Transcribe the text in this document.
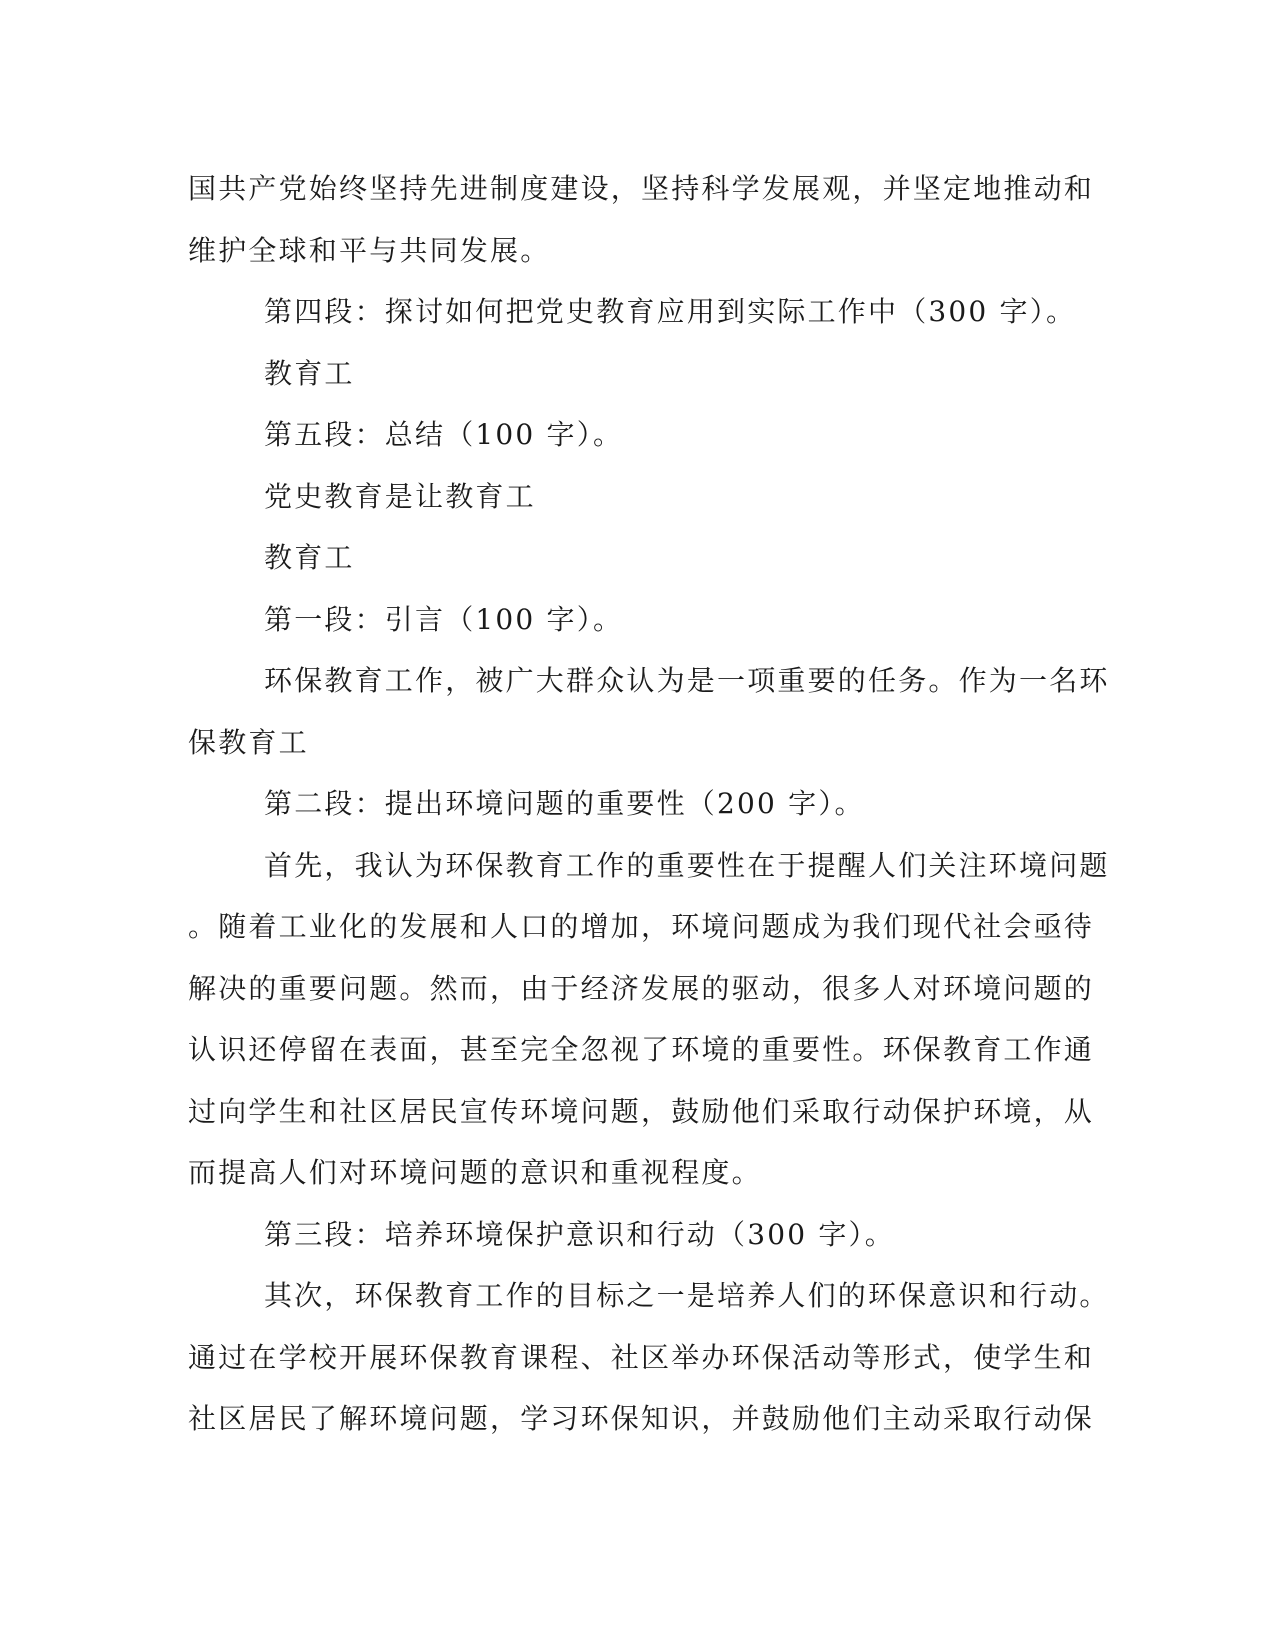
国共产党始终坚持先进制度建设，坚持科学发展观，并坚定地推动和
维护全球和平与共同发展。
第四段：探讨如何把党史教育应用到实际工作中（300 字）。
教育工
第五段：总结（100 字）。
党史教育是让教育工
教育工
第一段：引言（100 字）。
环保教育工作，被广大群众认为是一项重要的任务。作为一名环
保教育工
第二段：提出环境问题的重要性（200 字）。
首先，我认为环保教育工作的重要性在于提醒人们关注环境问题
。随着工业化的发展和人口的增加，环境问题成为我们现代社会亟待
解决的重要问题。然而，由于经济发展的驱动，很多人对环境问题的
认识还停留在表面，甚至完全忽视了环境的重要性。环保教育工作通
过向学生和社区居民宣传环境问题，鼓励他们采取行动保护环境，从
而提高人们对环境问题的意识和重视程度。
第三段：培养环境保护意识和行动（300 字）。
其次，环保教育工作的目标之一是培养人们的环保意识和行动。
通过在学校开展环保教育课程、社区举办环保活动等形式，使学生和
社区居民了解环境问题，学习环保知识，并鼓励他们主动采取行动保
